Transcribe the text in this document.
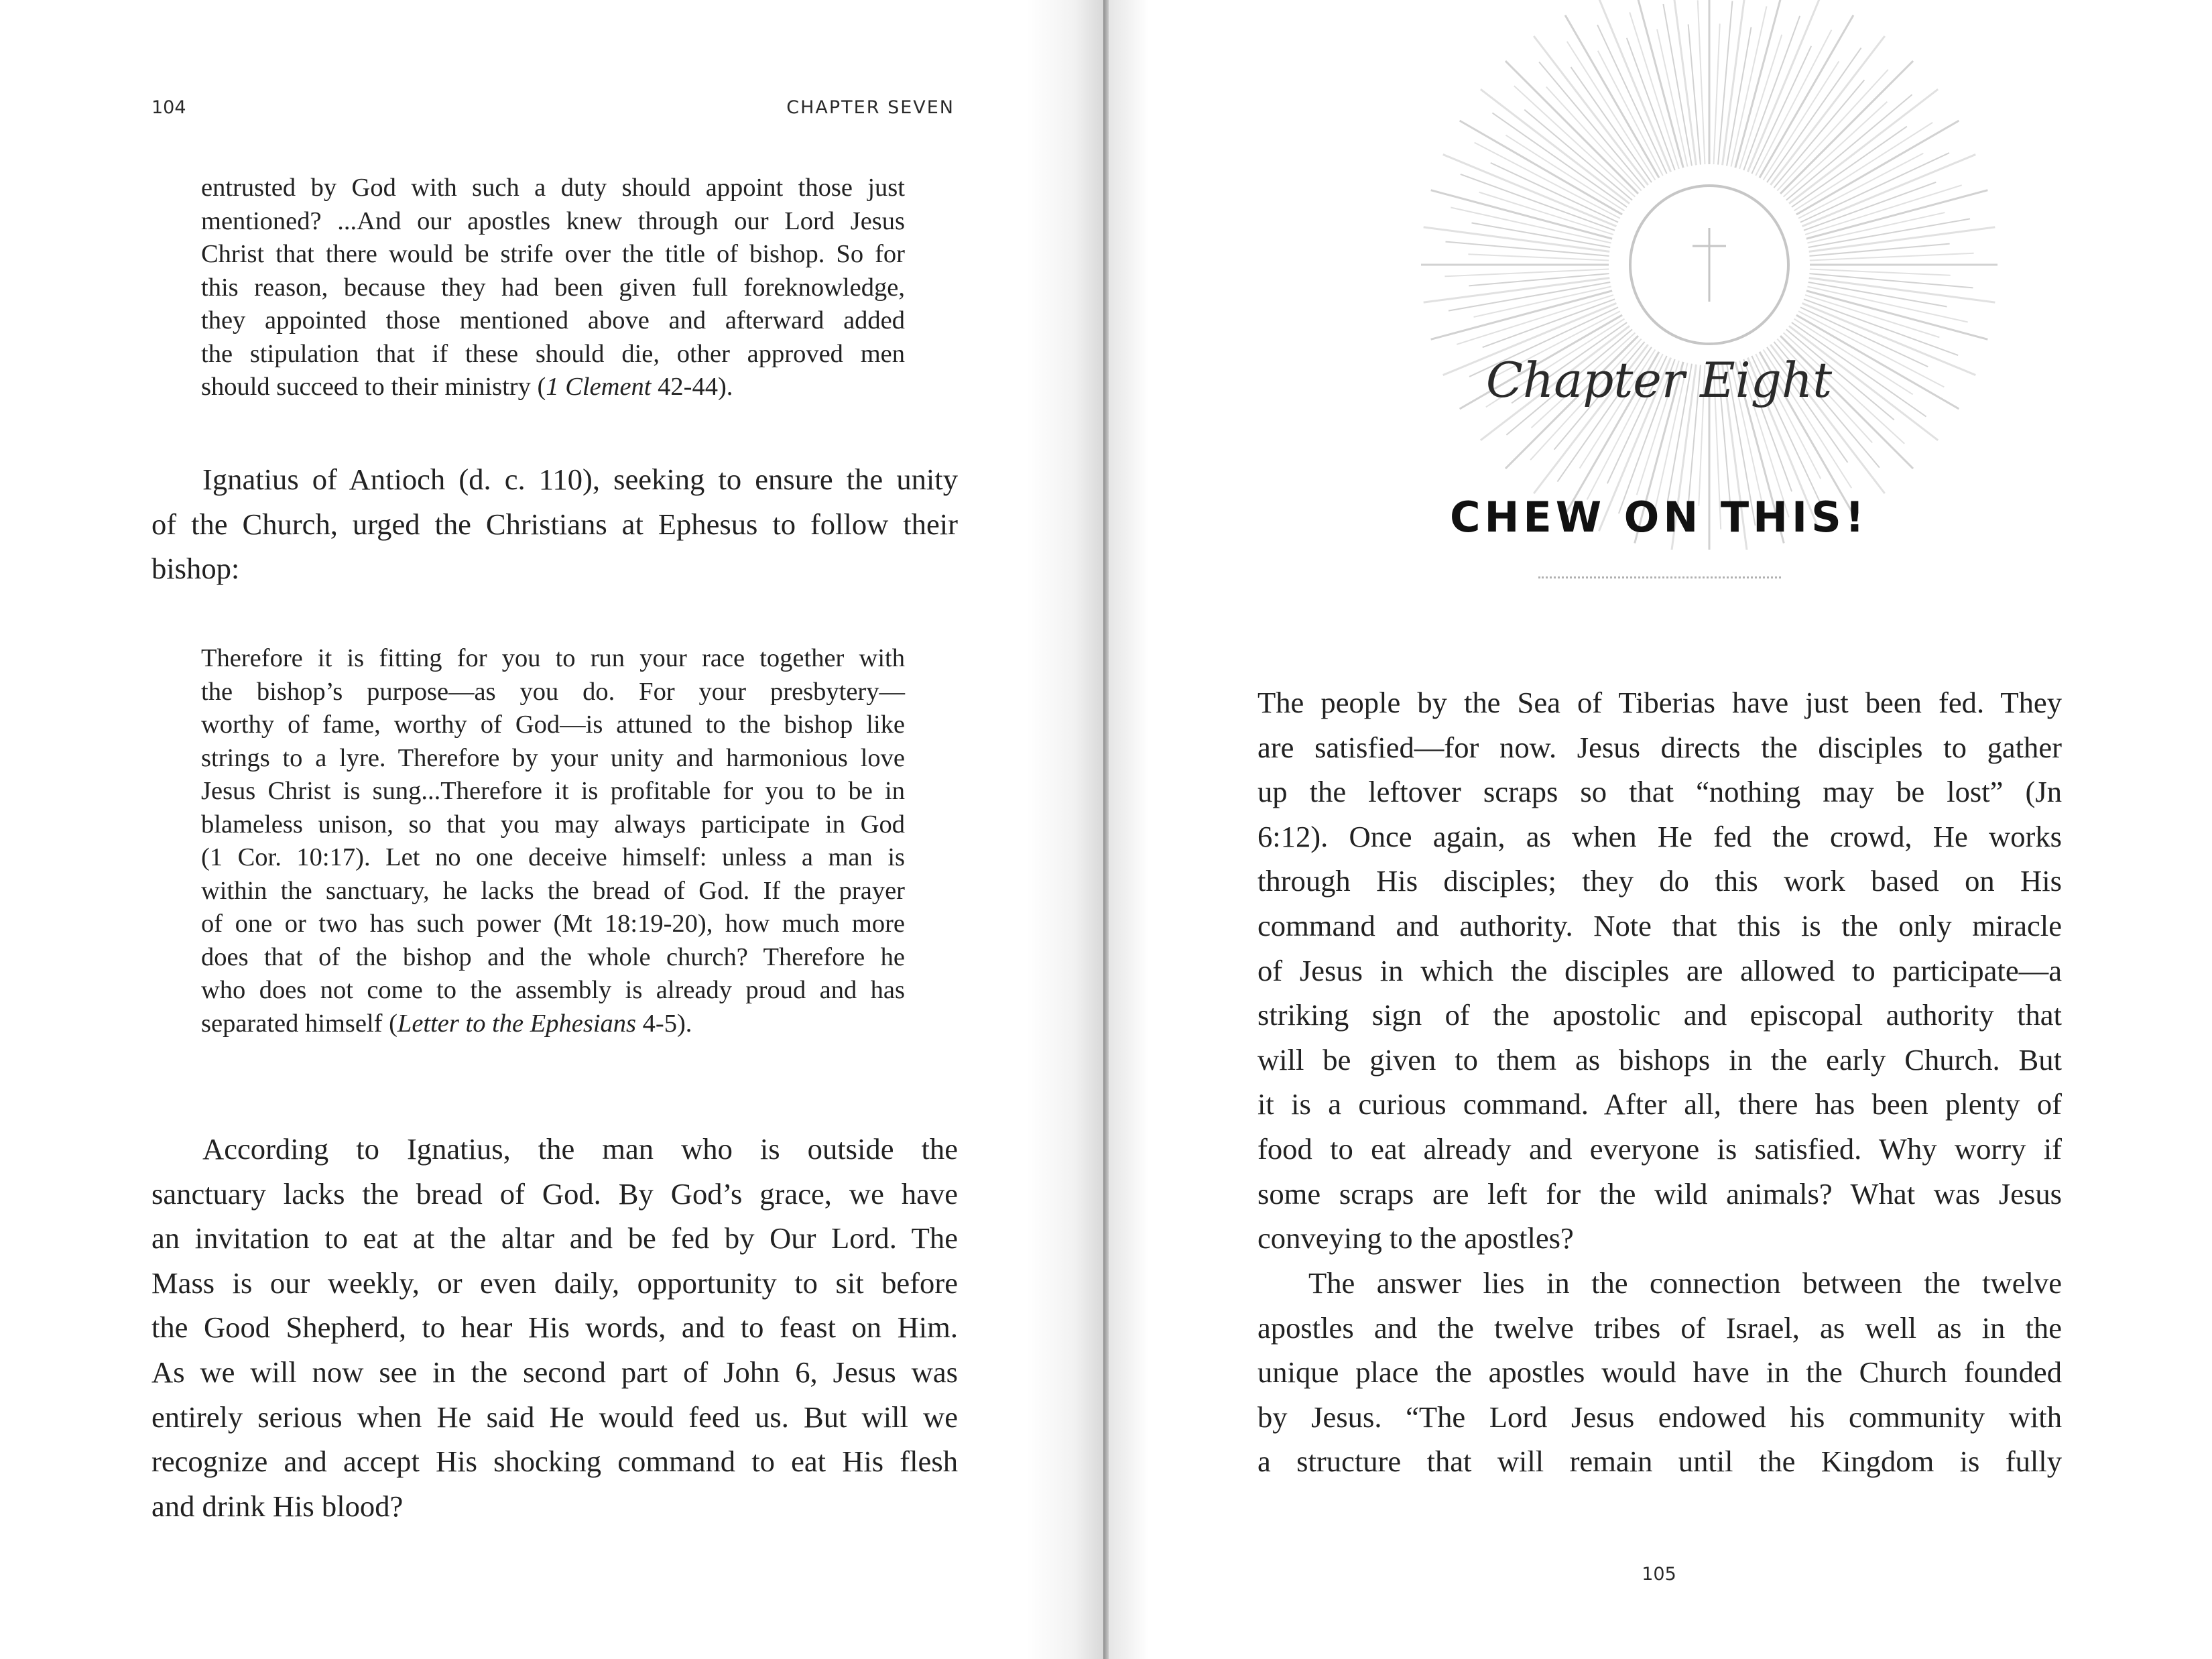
104	CHAPTER SEVEN
entrusted by God with such a duty should appoint those just
mentioned? ...And our apostles knew through our Lord Jesus
Christ that there would be strife over the title of bishop. So for
this reason, because they had been given full foreknowledge,
they appointed those mentioned above and afterward added
the stipulation that if these should die, other approved men
should succeed to their ministry (1 Clement 42-44).
Ignatius of Antioch (d. c. 110), seeking to ensure the unity
of the Church, urged the Christians at Ephesus to follow their
bishop:
Therefore it is fitting for you to run your race together with
the bishop’s purpose—as you do. For your presbytery—
worthy of fame, worthy of God—is attuned to the bishop like
strings to a lyre. Therefore by your unity and harmonious love
Jesus Christ is sung...Therefore it is profitable for you to be in
blameless unison, so that you may always participate in God
(1 Cor. 10:17). Let no one deceive himself: unless a man is
within the sanctuary, he lacks the bread of God. If the prayer
of one or two has such power (Mt 18:19-20), how much more
does that of the bishop and the whole church? Therefore he
who does not come to the assembly is already proud and has
separated himself (Letter to the Ephesians 4-5).
According to Ignatius, the man who is outside the
sanctuary lacks the bread of God. By God’s grace, we have
an invitation to eat at the altar and be fed by Our Lord. The
Mass is our weekly, or even daily, opportunity to sit before
the Good Shepherd, to hear His words, and to feast on Him.
As we will now see in the second part of John 6, Jesus was
entirely serious when He said He would feed us. But will we
recognize and accept His shocking command to eat His flesh
and drink His blood?
Chapter Eight
CHEW ON THIS!
The people by the Sea of Tiberias have just been fed. They
are satisfied—for now. Jesus directs the disciples to gather
up the leftover scraps so that “nothing may be lost” (Jn
6:12). Once again, as when He fed the crowd, He works
through His disciples; they do this work based on His
command and authority. Note that this is the only miracle
of Jesus in which the disciples are allowed to participate—a
striking sign of the apostolic and episcopal authority that
will be given to them as bishops in the early Church. But
it is a curious command. After all, there has been plenty of
food to eat already and everyone is satisfied. Why worry if
some scraps are left for the wild animals? What was Jesus
conveying to the apostles?
The answer lies in the connection between the twelve
apostles and the twelve tribes of Israel, as well as in the
unique place the apostles would have in the Church founded
by Jesus. “The Lord Jesus endowed his community with
a structure that will remain until the Kingdom is fully
105
